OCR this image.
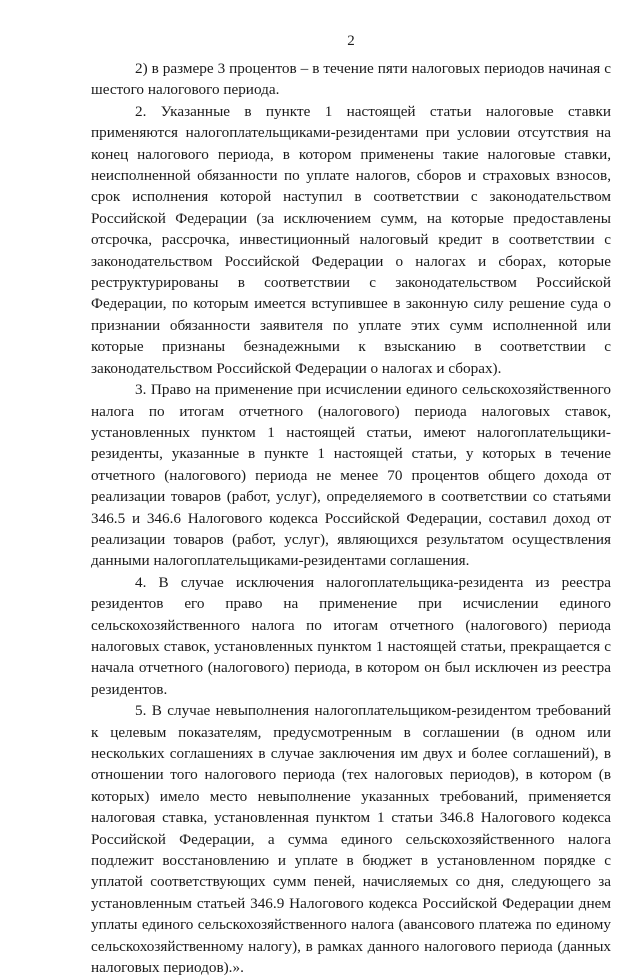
2

2) в размере 3 процентов – в течение пяти налоговых периодов начиная с шестого налогового периода.

2. Указанные в пункте 1 настоящей статьи налоговые ставки применяются налогоплательщиками-резидентами при условии отсутствия на конец налогового периода, в котором применены такие налоговые ставки, неисполненной обязанности по уплате налогов, сборов и страховых взносов, срок исполнения которой наступил в соответствии с законодательством Российской Федерации (за исключением сумм, на которые предоставлены отсрочка, рассрочка, инвестиционный налоговый кредит в соответствии с законодательством Российской Федерации о налогах и сборах, которые реструктурированы в соответствии с законодательством Российской Федерации, по которым имеется вступившее в законную силу решение суда о признании обязанности заявителя по уплате этих сумм исполненной или которые признаны безнадежными к взысканию в соответствии с законодательством Российской Федерации о налогах и сборах).

3. Право на применение при исчислении единого сельскохозяйственного налога по итогам отчетного (налогового) периода налоговых ставок, установленных пунктом 1 настоящей статьи, имеют налогоплательщики-резиденты, указанные в пункте 1 настоящей статьи, у которых в течение отчетного (налогового) периода не менее 70 процентов общего дохода от реализации товаров (работ, услуг), определяемого в соответствии со статьями 346.5 и 346.6 Налогового кодекса Российской Федерации, составил доход от реализации товаров (работ, услуг), являющихся результатом осуществления данными налогоплательщиками-резидентами соглашения.

4. В случае исключения налогоплательщика-резидента из реестра резидентов его право на применение при исчислении единого сельскохозяйственного налога по итогам отчетного (налогового) периода налоговых ставок, установленных пунктом 1 настоящей статьи, прекращается с начала отчетного (налогового) периода, в котором он был исключен из реестра резидентов.

5. В случае невыполнения налогоплательщиком-резидентом требований к целевым показателям, предусмотренным в соглашении (в одном или нескольких соглашениях в случае заключения им двух и более соглашений), в отношении того налогового периода (тех налоговых периодов), в котором (в которых) имело место невыполнение указанных требований, применяется налоговая ставка, установленная пунктом 1 статьи 346.8 Налогового кодекса Российской Федерации, а сумма единого сельскохозяйственного налога подлежит восстановлению и уплате в бюджет в установленном порядке с уплатой соответствующих сумм пеней, начисляемых со дня, следующего за установленным статьей 346.9 Налогового кодекса Российской Федерации днем уплаты единого сельскохозяйственного налога (авансового платежа по единому сельскохозяйственному налогу), в рамках данного налогового периода (данных налоговых периодов).».
